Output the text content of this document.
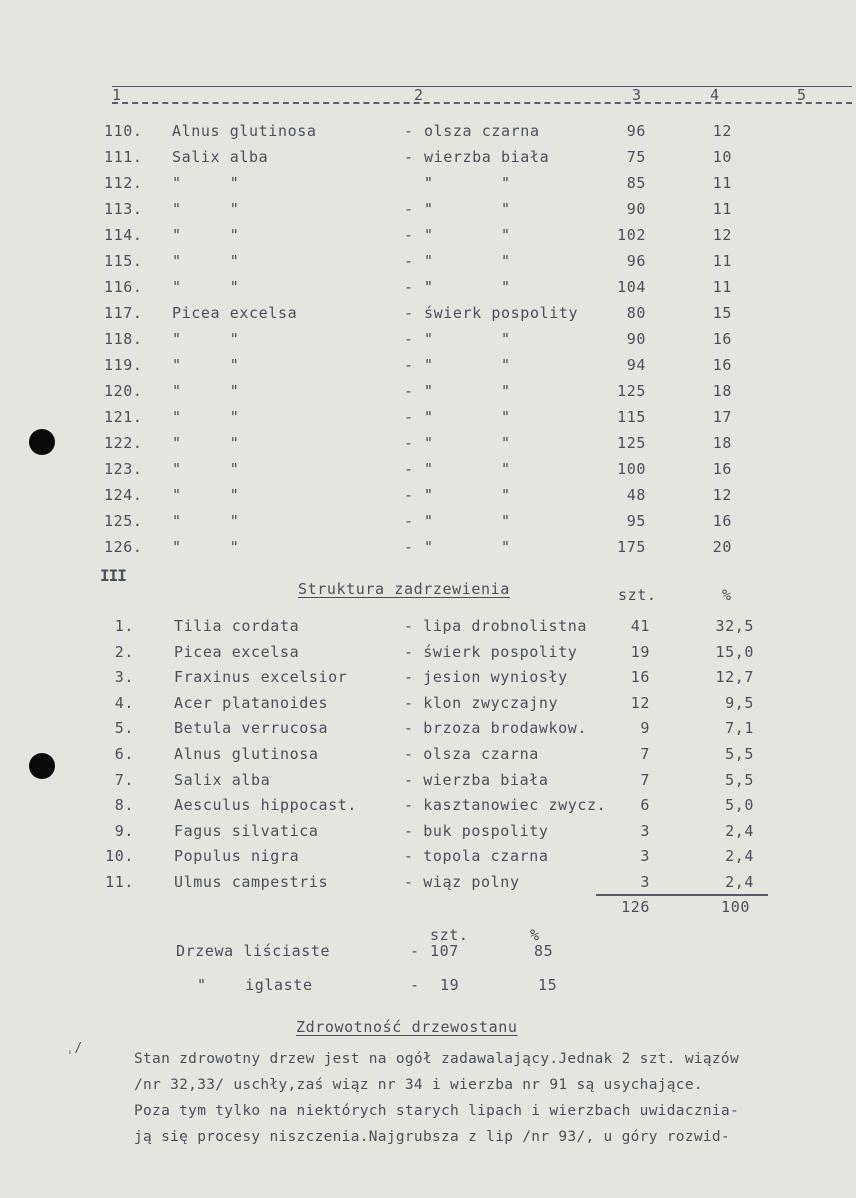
1	2	3	4	5
110. Alnus glutinosa	- olsza czarna	96	12
111. Salix alba	- wierzba biała	75	10
112. "     "	"       "	85	11
113. "     "	- "       "	90	11
114. "     "	- "       "	102	12
115. "     "	- "       "	96	11
116. "     "	- "       "	104	11
117. Picea excelsa	- świerk pospolity	80	15
118. "     "	- "       "	90	16
119. "     "	- "       "	94	16
120. "     "	- "       "	125	18
121. "     "	- "       "	115	17
122. "     "	- "       "	125	18
123. "     "	- "       "	100	16
124. "     "	- "       "	48	12
125. "     "	- "       "	95	16
126. "     "	- "       "	175	20
III
Struktura zadrzewienia	szt.	%
1.	Tilia cordata	- lipa drobnolistna	41	32,5
2.	Picea excelsa	- świerk pospolity	19	15,0
3.	Fraxinus excelsior	- jesion wyniosły	16	12,7
4.	Acer platanoides	- klon zwyczajny	12	9,5
5.	Betula verrucosa	- brzoza brodawkow.	9	7,1
6.	Alnus glutinosa	- olsza czarna	7	5,5
7.	Salix alba	- wierzba biała	7	5,5
8.	Aesculus hippocast.	- kasztanowiec zwycz.	6	5,0
9.	Fagus silvatica	- buk pospolity	3	2,4
10.	Populus nigra	- topola czarna	3	2,4
11.	Ulmus campestris	- wiąz polny	3	2,4
126	100
szt.	%
Drzewa liściaste	- 107	85
"    iglaste	- 19	15
Zdrowotność drzewostanu
Stan zdrowotny drzew jest na ogół zadawalający.Jednak 2 szt. wiązów
/nr 32,33/ uschły,zaś wiąz nr 34 i wierzba nr 91 są usychające.
Poza tym tylko na niektórych starych lipach i wierzbach uwidacznia-
ją się procesy niszczenia.Najgrubsza z lip /nr 93/, u góry rozwid-
ˌ/
